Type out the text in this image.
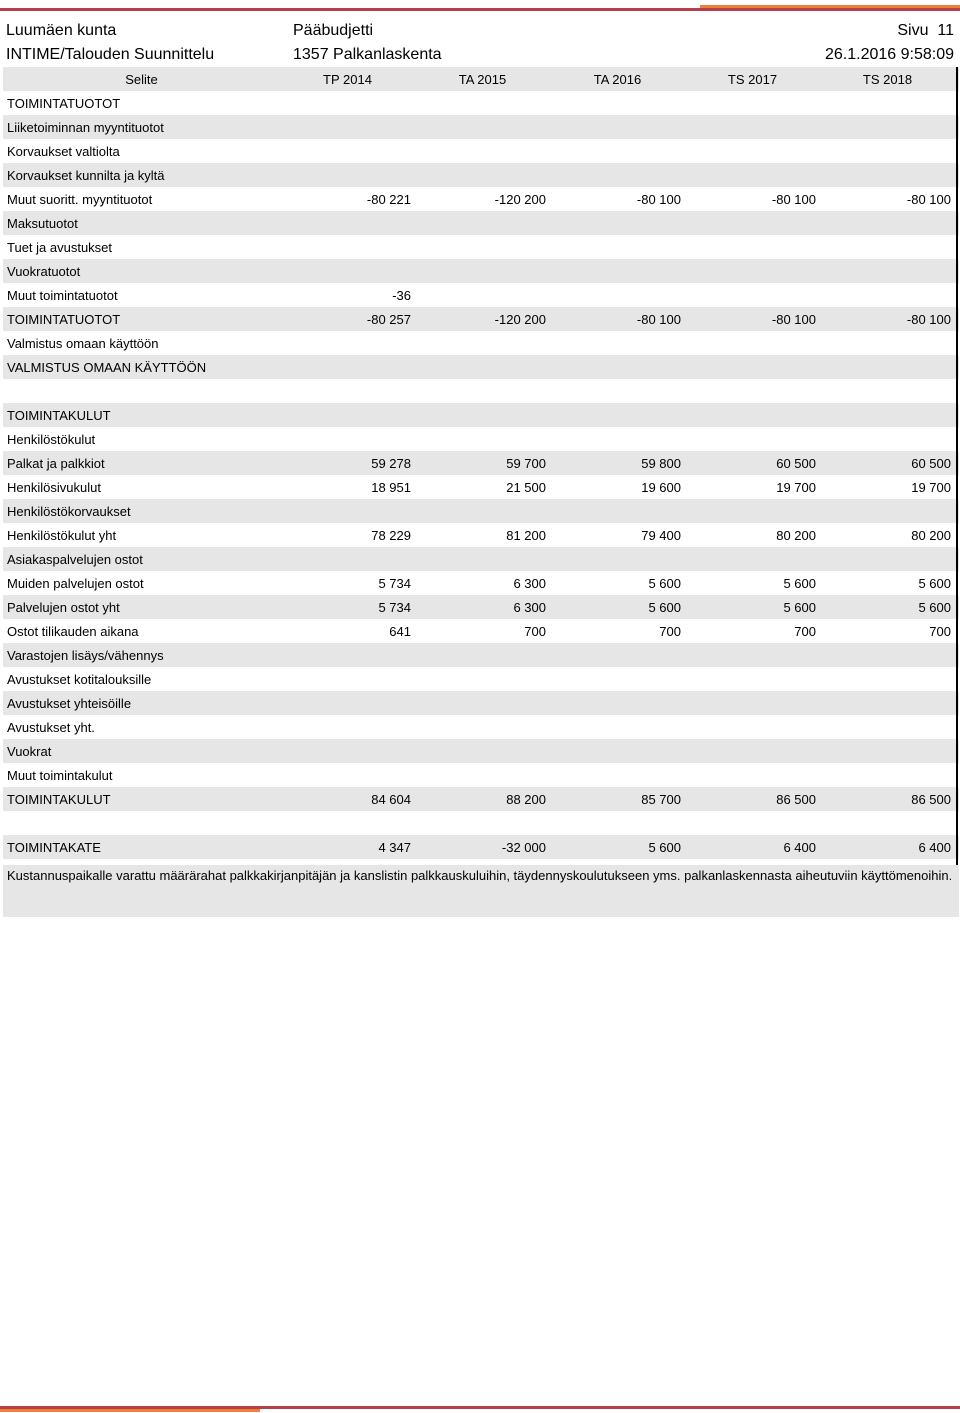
Luumäen kunta	Pääbudjetti	Sivu  11
INTIME/Talouden Suunnittelu	1357 Palkanlaskenta	26.1.2016 9:58:09
Selite	TP 2014	TA 2015	TA 2016	TS 2017	TS 2018
TOIMINTATUOTOT
Liiketoiminnan myyntituotot
Korvaukset valtiolta
Korvaukset kunnilta ja kyltä
Muut suoritt. myyntituotot	-80 221	-120 200	-80 100	-80 100	-80 100
Maksutuotot
Tuet ja avustukset
Vuokratuotot
Muut toimintatuotot	-36
TOIMINTATUOTOT	-80 257	-120 200	-80 100	-80 100	-80 100
Valmistus omaan käyttöön
VALMISTUS OMAAN KÄYTTÖÖN
TOIMINTAKULUT
Henkilöstökulut
Palkat ja palkkiot	59 278	59 700	59 800	60 500	60 500
Henkilösivukulut	18 951	21 500	19 600	19 700	19 700
Henkilöstökorvaukset
Henkilöstökulut yht	78 229	81 200	79 400	80 200	80 200
Asiakaspalvelujen ostot
Muiden palvelujen ostot	5 734	6 300	5 600	5 600	5 600
Palvelujen ostot yht	5 734	6 300	5 600	5 600	5 600
Ostot tilikauden aikana	641	700	700	700	700
Varastojen lisäys/vähennys
Avustukset kotitalouksille
Avustukset yhteisöille
Avustukset yht.
Vuokrat
Muut toimintakulut
TOIMINTAKULUT	84 604	88 200	85 700	86 500	86 500
TOIMINTAKATE	4 347	-32 000	5 600	6 400	6 400
Kustannuspaikalle varattu määrärahat palkkakirjanpitäjän ja kanslistin palkkauskuluihin, täydennyskoulutukseen yms. palkanlaskennasta aiheutuviin käyttömenoihin.
